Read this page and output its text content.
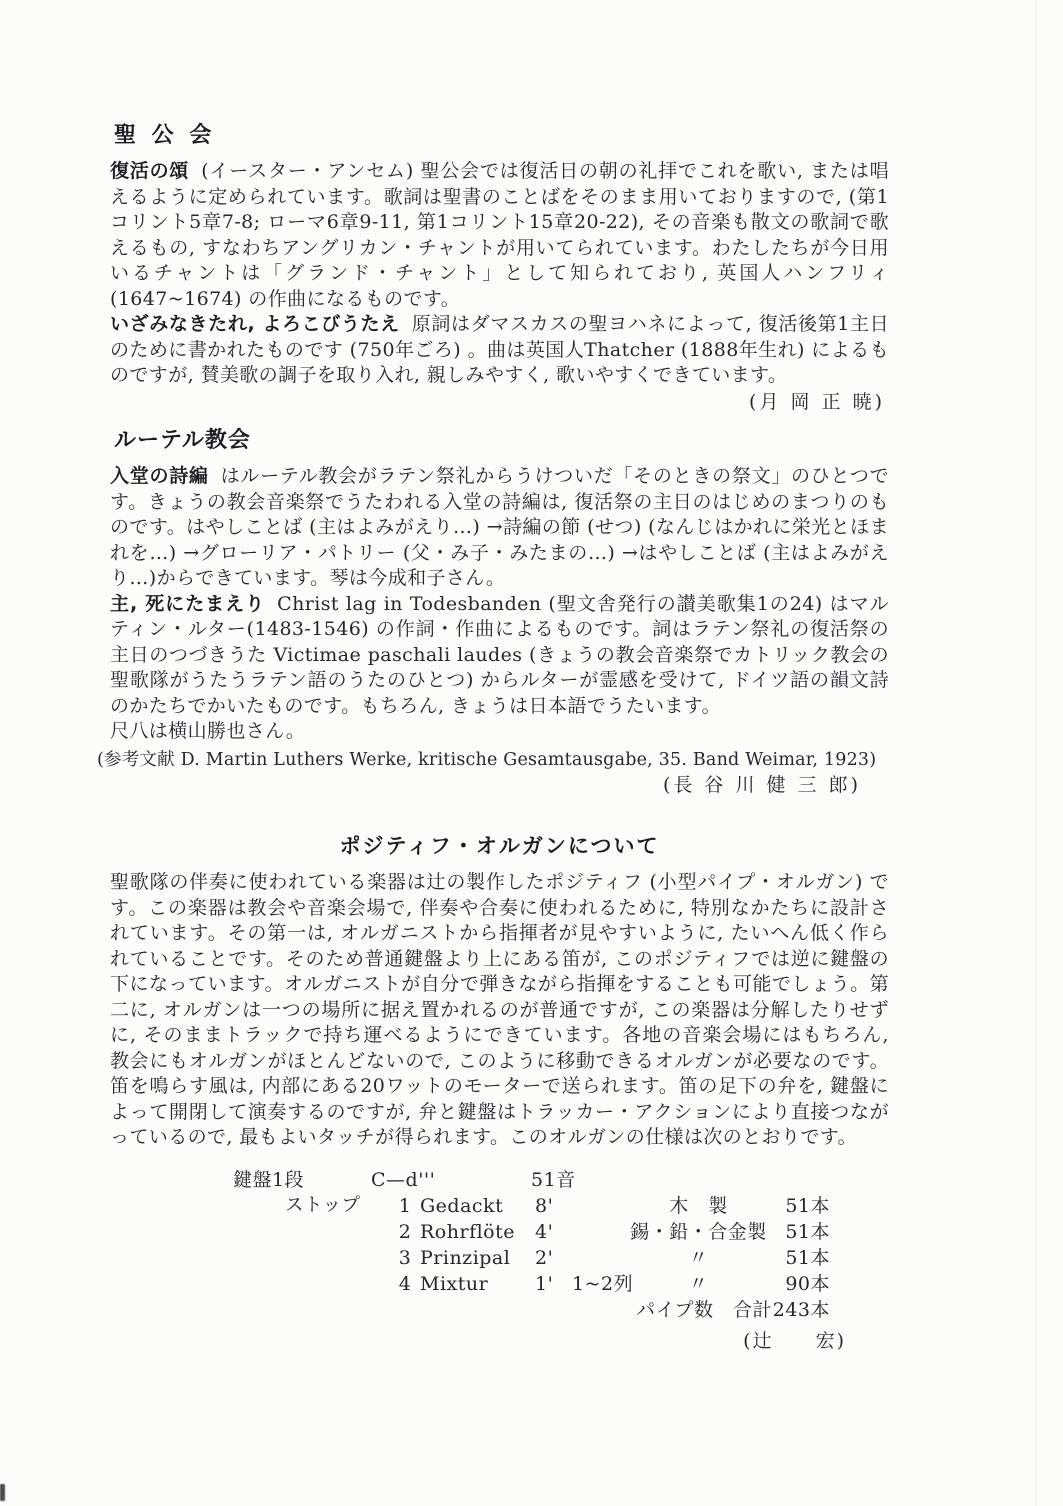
聖 公 会

復活の頌 (イースター・アンセム) 聖公会では復活日の朝の礼拝でこれを歌い, または唱えるように定められています。歌詞は聖書のことばをそのまま用いておりますので, (第1コリント5章7-8; ローマ6章9-11, 第1コリント15章20-22), その音楽も散文の歌詞で歌えるもの, すなわちアングリカン・チャントが用いてられています。わたしたちが今日用いるチャントは「グランド・チャント」として知られており, 英国人ハンフリィ (1647~1674) の作曲になるものです。

いざみなきたれ, よろこびうたえ 原詞はダマスカスの聖ヨハネによって, 復活後第1主日のために書かれたものです (750年ごろ) 。曲は英国人Thatcher (1888年生れ) によるものですが, 賛美歌の調子を取り入れ, 親しみやすく, 歌いやすくできています。

(月 岡 正 暁)
ルーテル教会

入堂の詩編 はルーテル教会がラテン祭礼からうけついだ「そのときの祭文」のひとつです。きょうの教会音楽祭でうたわれる入堂の詩編は, 復活祭の主日のはじめのまつりのものです。はやしことば (主はよみがえり…) →詩編の節 (せつ) (なんじはかれに栄光とほまれを…) →グローリア・パトリー (父・み子・みたまの…) →はやしことば (主はよみがえり…)からできています。琴は今成和子さん。

主, 死にたまえり Christ lag in Todesbanden (聖文舎発行の讃美歌集1の24) はマルティン・ルター(1483-1546) の作詞・作曲によるものです。詞はラテン祭礼の復活祭の主日のつづきうた Victimae paschali laudes (きょうの教会音楽祭でカトリック教会の聖歌隊がうたうラテン語のうたのひとつ) からルターが霊感を受けて, ドイツ語の韻文詩のかたちでかいたものです。もちろん, きょうは日本語でうたいます。

尺八は横山勝也さん。

(参考文献 D. Martin Luthers Werke, kritische Gesamtausgabe, 35. Band Weimar, 1923)
(長 谷 川 健 三 郎)
ポジティフ・オルガンについて

聖歌隊の伴奏に使われている楽器は辻の製作したポジティフ (小型パイプ・オルガン) です。この楽器は教会や音楽会場で, 伴奏や合奏に使われるために, 特別なかたちに設計されています。その第一は, オルガニストから指揮者が見やすいように, たいへん低く作られていることです。そのため普通鍵盤より上にある笛が, このポジティフでは逆に鍵盤の下になっています。オルガニストが自分で弾きながら指揮をすることも可能でしょう。第二に, オルガンは一つの場所に据え置かれるのが普通ですが, この楽器は分解したりせずに, そのままトラックで持ち運べるようにできています。各地の音楽会場にはもちろん, 教会にもオルガンがほとんどないので, このように移動できるオルガンが必要なのです。笛を鳴らす風は, 内部にある20ワットのモーターで送られます。笛の足下の弁を, 鍵盤によって開閉して演奏するのですが, 弁と鍵盤はトラッカー・アクションにより直接つながっているので, 最もよいタッチが得られます。このオルガンの仕様は次のとおりです。

鍵盤1段	C—d'''	51音
ストップ	1 Gedackt	8'	木　製	51本
2 Rohrflöte	4'	錫・鉛・合金製 51本
3 Prinzipal	2'	〃	51本
4 Mixtur	1' 1~2列	〃	90本
パイプ数　合計 243本
(辻　　宏)
